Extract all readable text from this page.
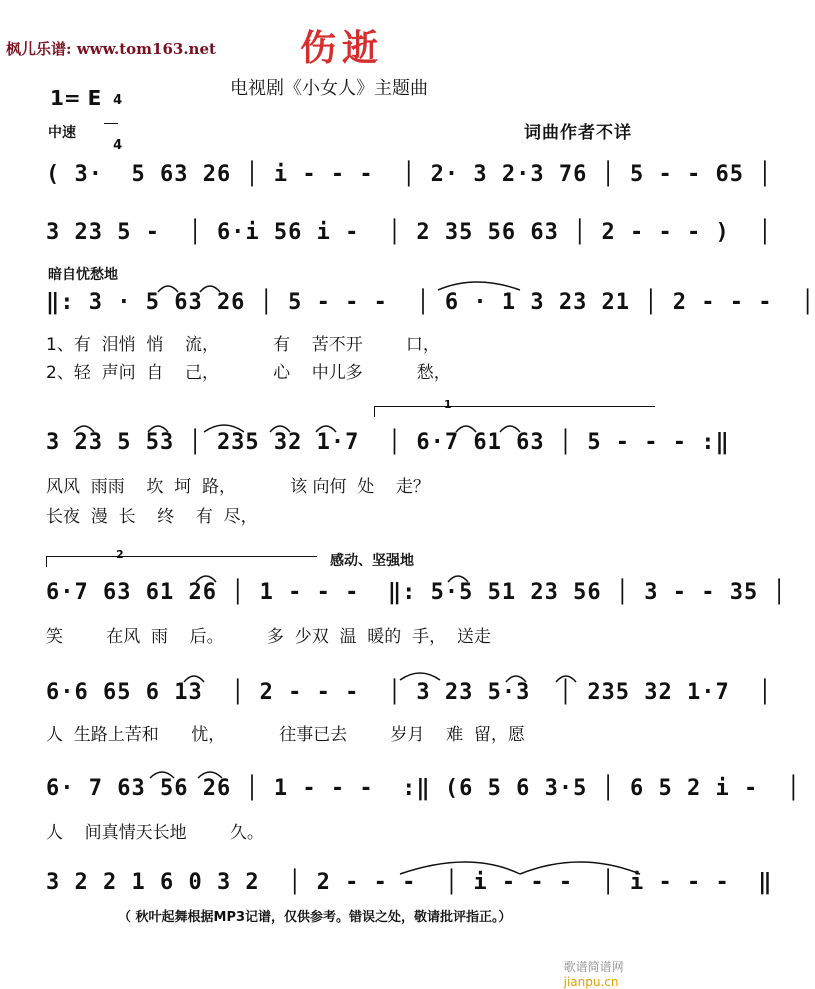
枫儿乐谱: www.tom163.net 伤逝
电视剧《小女人》主题曲
1= E 4

4

中速	词曲作者不详
( 3·  5 63 26 │ i - - -  │ 2· 3 2·3 76 │ 5 - - 65 │
3 23 5 -  │ 6·i 56 i -  │ 2 35 56 63 │ 2 - - - )  │
暗自忧愁地
‖: 3 · 5 63 26 │ 5 - - -  │ 6 · 1 3 23 21 │ 2 - - -  │
1、有  泪悄  悄    流，          有    苦不开        口，
2、轻  声问  自    己，          心    中儿多          愁，
1
3 23 5 53 │ 235 32 1·7  │ 6·7 61 63 │ 5 - - - :‖
风风  雨雨    坎  坷  路，          该 向何  处    走？
长夜  漫  长    终    有  尽，
2	感动、坚强地
6·7 63 61 26 │ 1 - - -  ‖: 5·5 51 23 56 │ 3 - - 35 │
笑        在风  雨    后。        多  少双  温  暖的  手，  送走
6·6 65 6 13  │ 2 - - -  │ 3 23 5·3  │ 235 32 1·7  │
人  生路上苦和      忧，          往事已去        岁月    难  留，愿
6· 7 63 56 26 │ 1 - - -  :‖ (6 5 6 3·5 │ 6 5 2 i -  │
人    间真情天长地        久。
3 2 2 1 6 0 3 2  │ 2 - - -  │ i - - -  │ i - - -  ‖
（ 秋叶起舞根据MP3记谱，仅供参考。错误之处，敬请批评指正。）

歌谱简谱网
jianpu.cn
